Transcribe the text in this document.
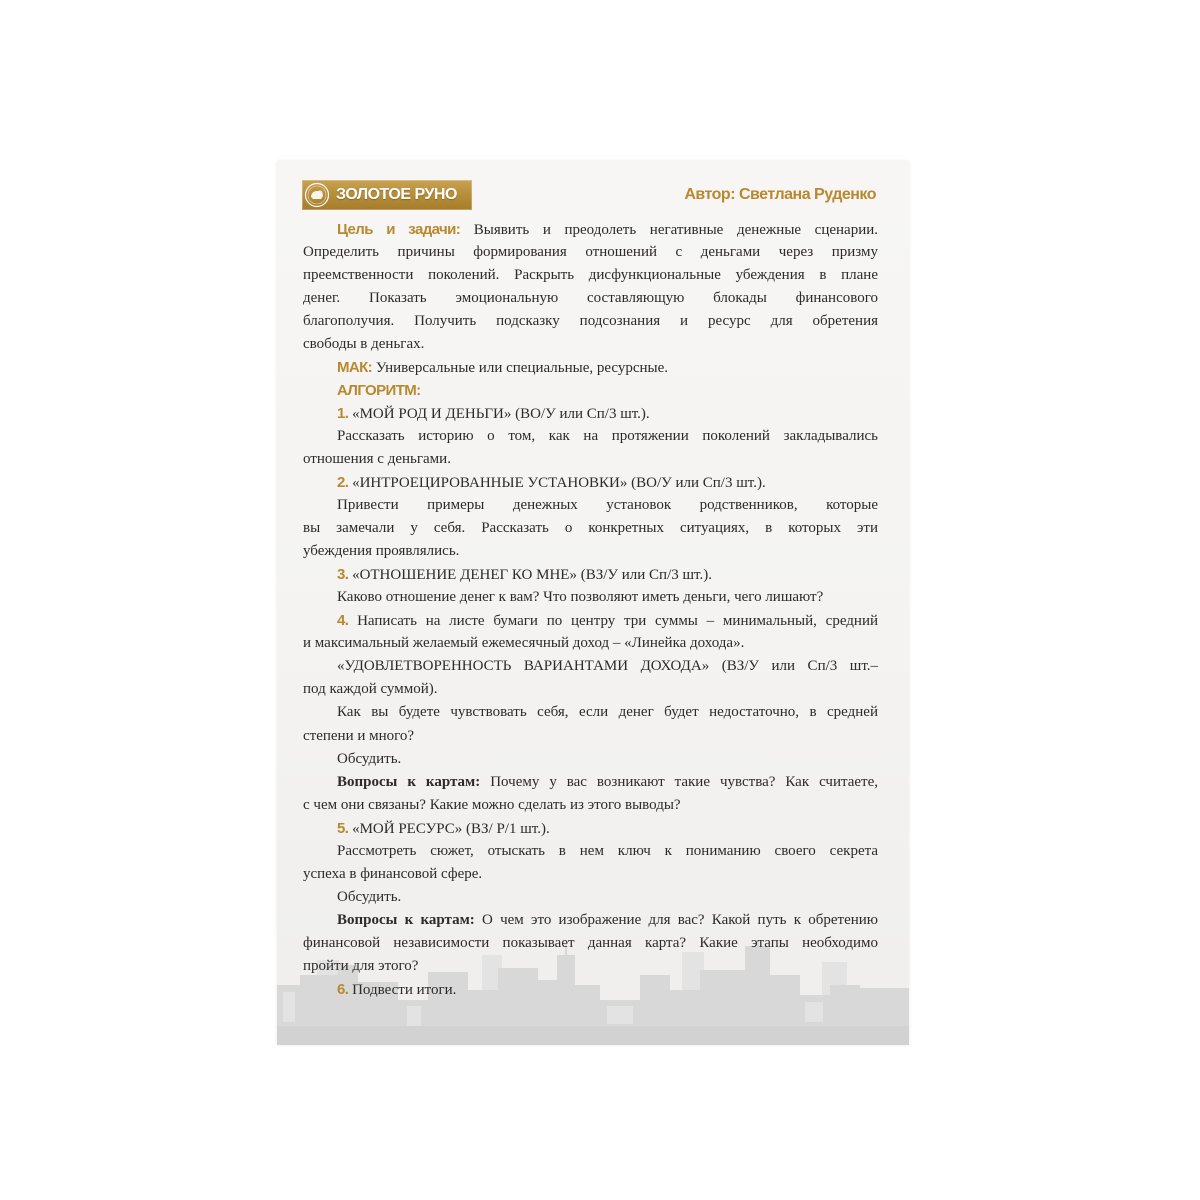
ЗОЛОТОЕ РУНО	Автор: Светлана Руденко
Цель и задачи: Выявить и преодолеть негативные денежные сценарии.
Определить причины формирования отношений с деньгами через призму
преемственности поколений. Раскрыть дисфункциональные убеждения в плане
денег. Показать эмоциональную составляющую блокады финансового
благополучия. Получить подсказку подсознания и ресурс для обретения
свободы в деньгах.
МАК: Универсальные или специальные, ресурсные.
АЛГОРИТМ:
1. «МОЙ РОД И ДЕНЬГИ» (ВО/У или Сп/3 шт.).
Рассказать историю о том, как на протяжении поколений закладывались
отношения с деньгами.
2. «ИНТРОЕЦИРОВАННЫЕ УСТАНОВКИ» (ВО/У или Сп/3 шт.).
Привести примеры денежных установок родственников, которые
вы замечали у себя. Рассказать о конкретных ситуациях, в которых эти
убеждения проявлялись.
3. «ОТНОШЕНИЕ ДЕНЕГ КО МНЕ» (ВЗ/У или Сп/3 шт.).
Каково отношение денег к вам? Что позволяют иметь деньги, чего лишают?
4. Написать на листе бумаги по центру три суммы – минимальный, средний
и максимальный желаемый ежемесячный доход – «Линейка дохода».
«УДОВЛЕТВОРЕННОСТЬ ВАРИАНТАМИ ДОХОДА» (ВЗ/У или Сп/3 шт.–
под каждой суммой).
Как вы будете чувствовать себя, если денег будет недостаточно, в средней
степени и много?
Обсудить.
Вопросы к картам: Почему у вас возникают такие чувства? Как считаете,
с чем они связаны? Какие можно сделать из этого выводы?
5. «МОЙ РЕСУРС» (ВЗ/ Р/1 шт.).
Рассмотреть сюжет, отыскать в нем ключ к пониманию своего секрета
успеха в финансовой сфере.
Обсудить.
Вопросы к картам: О чем это изображение для вас? Какой путь к обретению
финансовой независимости показывает данная карта? Какие этапы необходимо
пройти для этого?
6. Подвести итоги.
